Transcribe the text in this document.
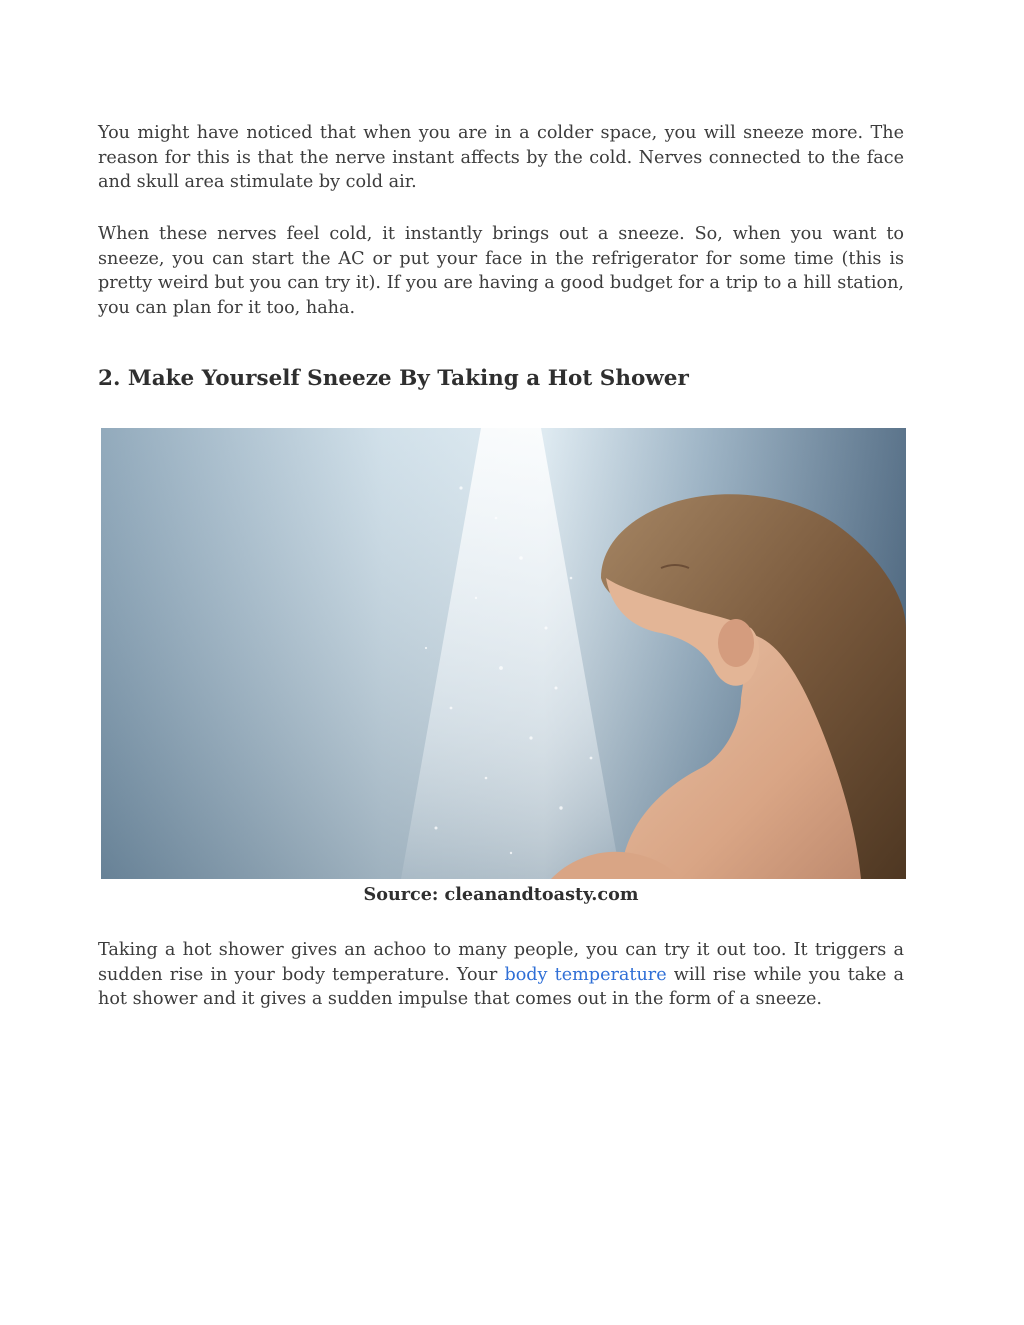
You might have noticed that when you are in a colder space, you will sneeze more. The reason for this is that the nerve instant affects by the cold. Nerves connected to the face and skull area stimulate by cold air.

When these nerves feel cold, it instantly brings out a sneeze. So, when you want to sneeze, you can start the AC or put your face in the refrigerator for some time (this is pretty weird but you can try it). If you are having a good budget for a trip to a hill station, you can plan for it too, haha.

2. Make Yourself Sneeze By Taking a Hot Shower

Source: cleanandtoasty.com

Taking a hot shower gives an achoo to many people, you can try it out too. It triggers a sudden rise in your body temperature. Your body temperature will rise while you take a hot shower and it gives a sudden impulse that comes out in the form of a sneeze.
